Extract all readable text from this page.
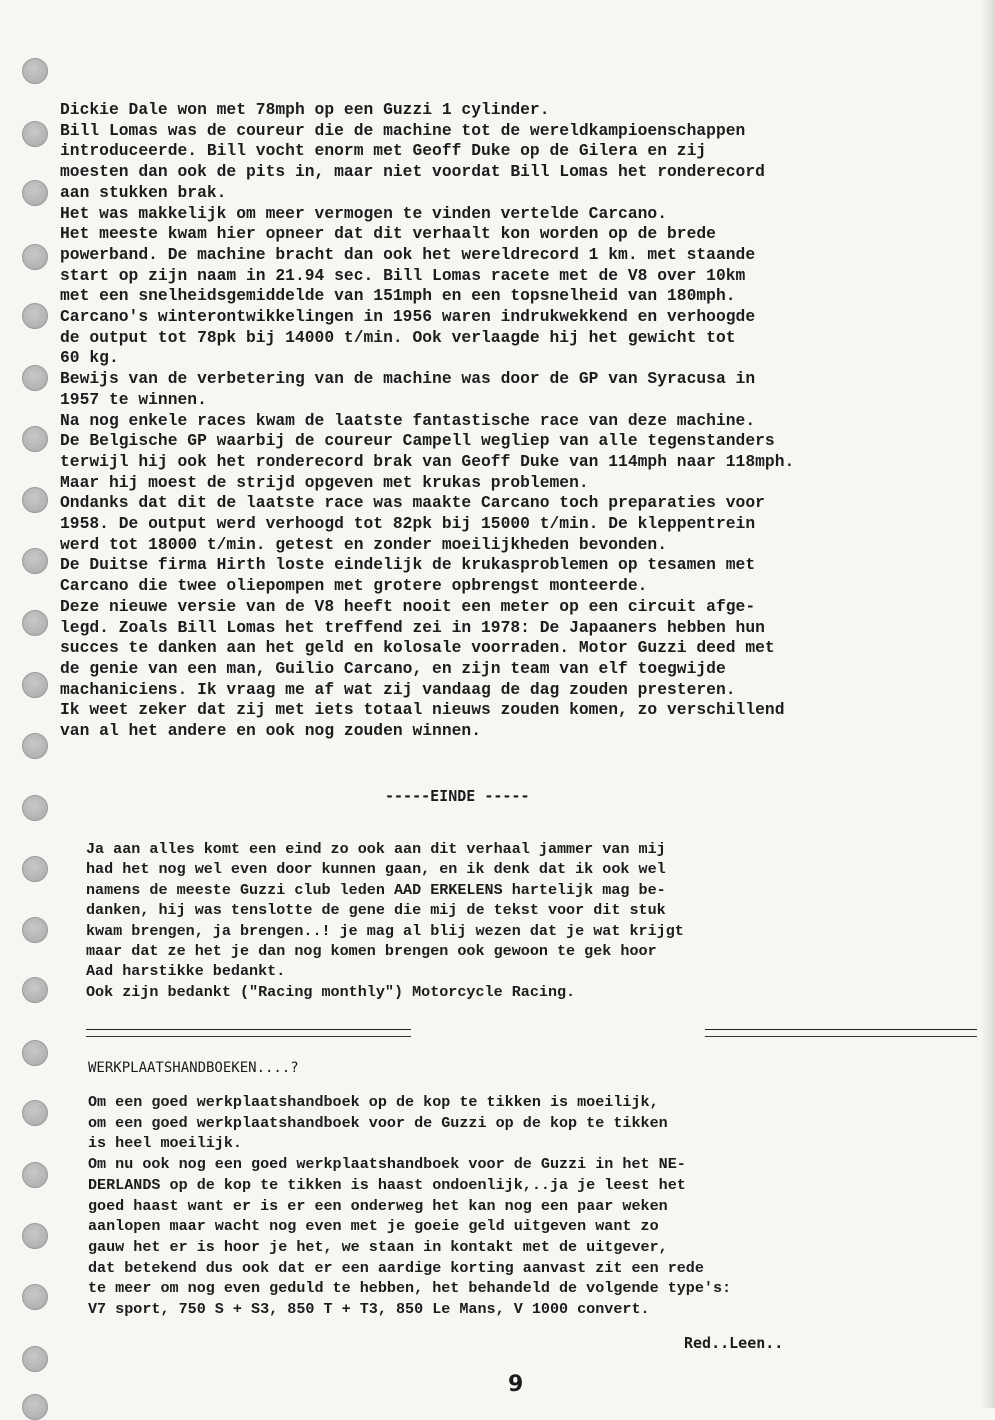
Dickie Dale won met 78mph op een Guzzi 1 cylinder.
Bill Lomas was de coureur die de machine tot de wereldkampioenschappen
introduceerde. Bill vocht enorm met Geoff Duke op de Gilera en zij
moesten dan ook de pits in, maar niet voordat Bill Lomas het ronderecord
aan stukken brak.
Het was makkelijk om meer vermogen te vinden vertelde Carcano.
Het meeste kwam hier opneer dat dit verhaalt kon worden op de brede
powerband. De machine bracht dan ook het wereldrecord 1 km. met staande
start op zijn naam in 21.94 sec. Bill Lomas racete met de V8 over 10km
met een snelheidsgemiddelde van 151mph en een topsnelheid van 180mph.
Carcano's winterontwikkelingen in 1956 waren indrukwekkend en verhoogde
de output tot 78pk bij 14000 t/min. Ook verlaagde hij het gewicht tot
60 kg.
Bewijs van de verbetering van de machine was door de GP van Syracusa in
1957 te winnen.
Na nog enkele races kwam de laatste fantastische race van deze machine.
De Belgische GP waarbij de coureur Campell wegliep van alle tegenstanders
terwijl hij ook het ronderecord brak van Geoff Duke van 114mph naar 118mph.
Maar hij moest de strijd opgeven met krukas problemen.
Ondanks dat dit de laatste race was maakte Carcano toch preparaties voor
1958. De output werd verhoogd tot 82pk bij 15000 t/min. De kleppentrein
werd tot 18000 t/min. getest en zonder moeilijkheden bevonden.
De Duitse firma Hirth loste eindelijk de krukasproblemen op tesamen met
Carcano die twee oliepompen met grotere opbrengst monteerde.
Deze nieuwe versie van de V8 heeft nooit een meter op een circuit afge-
legd. Zoals Bill Lomas het treffend zei in 1978: De Japaaners hebben hun
succes te danken aan het geld en kolosale voorraden. Motor Guzzi deed met
de genie van een man, Guilio Carcano, en zijn team van elf toegwijde
machaniciens. Ik vraag me af wat zij vandaag de dag zouden presteren.
Ik weet zeker dat zij met iets totaal nieuws zouden komen, zo verschillend
van al het andere en ook nog zouden winnen.
-----EINDE -----
Ja aan alles komt een eind zo ook aan dit verhaal jammer van mij
had het nog wel even door kunnen gaan, en ik denk dat ik ook wel
namens de meeste Guzzi club leden AAD ERKELENS hartelijk mag be-
danken, hij was tenslotte de gene die mij de tekst voor dit stuk
kwam brengen, ja brengen..! je mag al blij wezen dat je wat krijgt
maar dat ze het je dan nog komen brengen ook gewoon te gek hoor
Aad harstikke bedankt.
Ook zijn bedankt ("Racing monthly") Motorcycle Racing.
WERKPLAATSHANDBOEKEN....?
Om een goed werkplaatshandboek op de kop te tikken is moeilijk,
om een goed werkplaatshandboek voor de Guzzi op de kop te tikken
is heel moeilijk.
Om nu ook nog een goed werkplaatshandboek voor de Guzzi in het NE-
DERLANDS op de kop te tikken is haast ondoenlijk,..ja je leest het
goed haast want er is er een onderweg het kan nog een paar weken
aanlopen maar wacht nog even met je goeie geld uitgeven want zo
gauw het er is hoor je het, we staan in kontakt met de uitgever,
dat betekend dus ook dat er een aardige korting aanvast zit een rede
te meer om nog even geduld te hebben, het behandeld de volgende type's:
V7 sport, 750 S + S3, 850 T + T3, 850 Le Mans, V 1000 convert.
Red..Leen..
9
